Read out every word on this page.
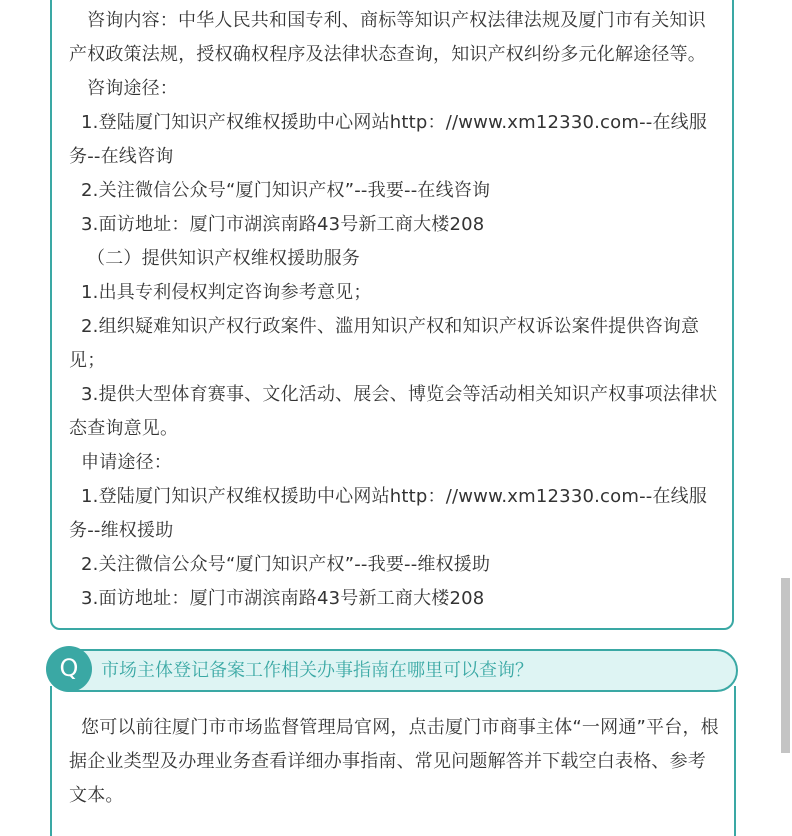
咨询内容：中华人民共和国专利、商标等知识产权法律法规及厦门市有关知识
产权政策法规，授权确权程序及法律状态查询，知识产权纠纷多元化解途径等。
咨询途径：
1.登陆厦门知识产权维权援助中心网站http：//www.xm12330.com--在线服
务--在线咨询
2.关注微信公众号“厦门知识产权”--我要--在线咨询
3.面访地址：厦门市湖滨南路43号新工商大楼208
（二）提供知识产权维权援助服务
1.出具专利侵权判定咨询参考意见；
2.组织疑难知识产权行政案件、滥用知识产权和知识产权诉讼案件提供咨询意
见；
3.提供大型体育赛事、文化活动、展会、博览会等活动相关知识产权事项法律状
态查询意见。
申请途径：
1.登陆厦门知识产权维权援助中心网站http：//www.xm12330.com--在线服
务--维权援助
2.关注微信公众号“厦门知识产权”--我要--维权援助
3.面访地址：厦门市湖滨南路43号新工商大楼208
Q	市场主体登记备案工作相关办事指南在哪里可以查询？
您可以前往厦门市市场监督管理局官网，点击厦门市商事主体“一网通”平台，根
据企业类型及办理业务查看详细办事指南、常见问题解答并下载空白表格、参考
文本。
